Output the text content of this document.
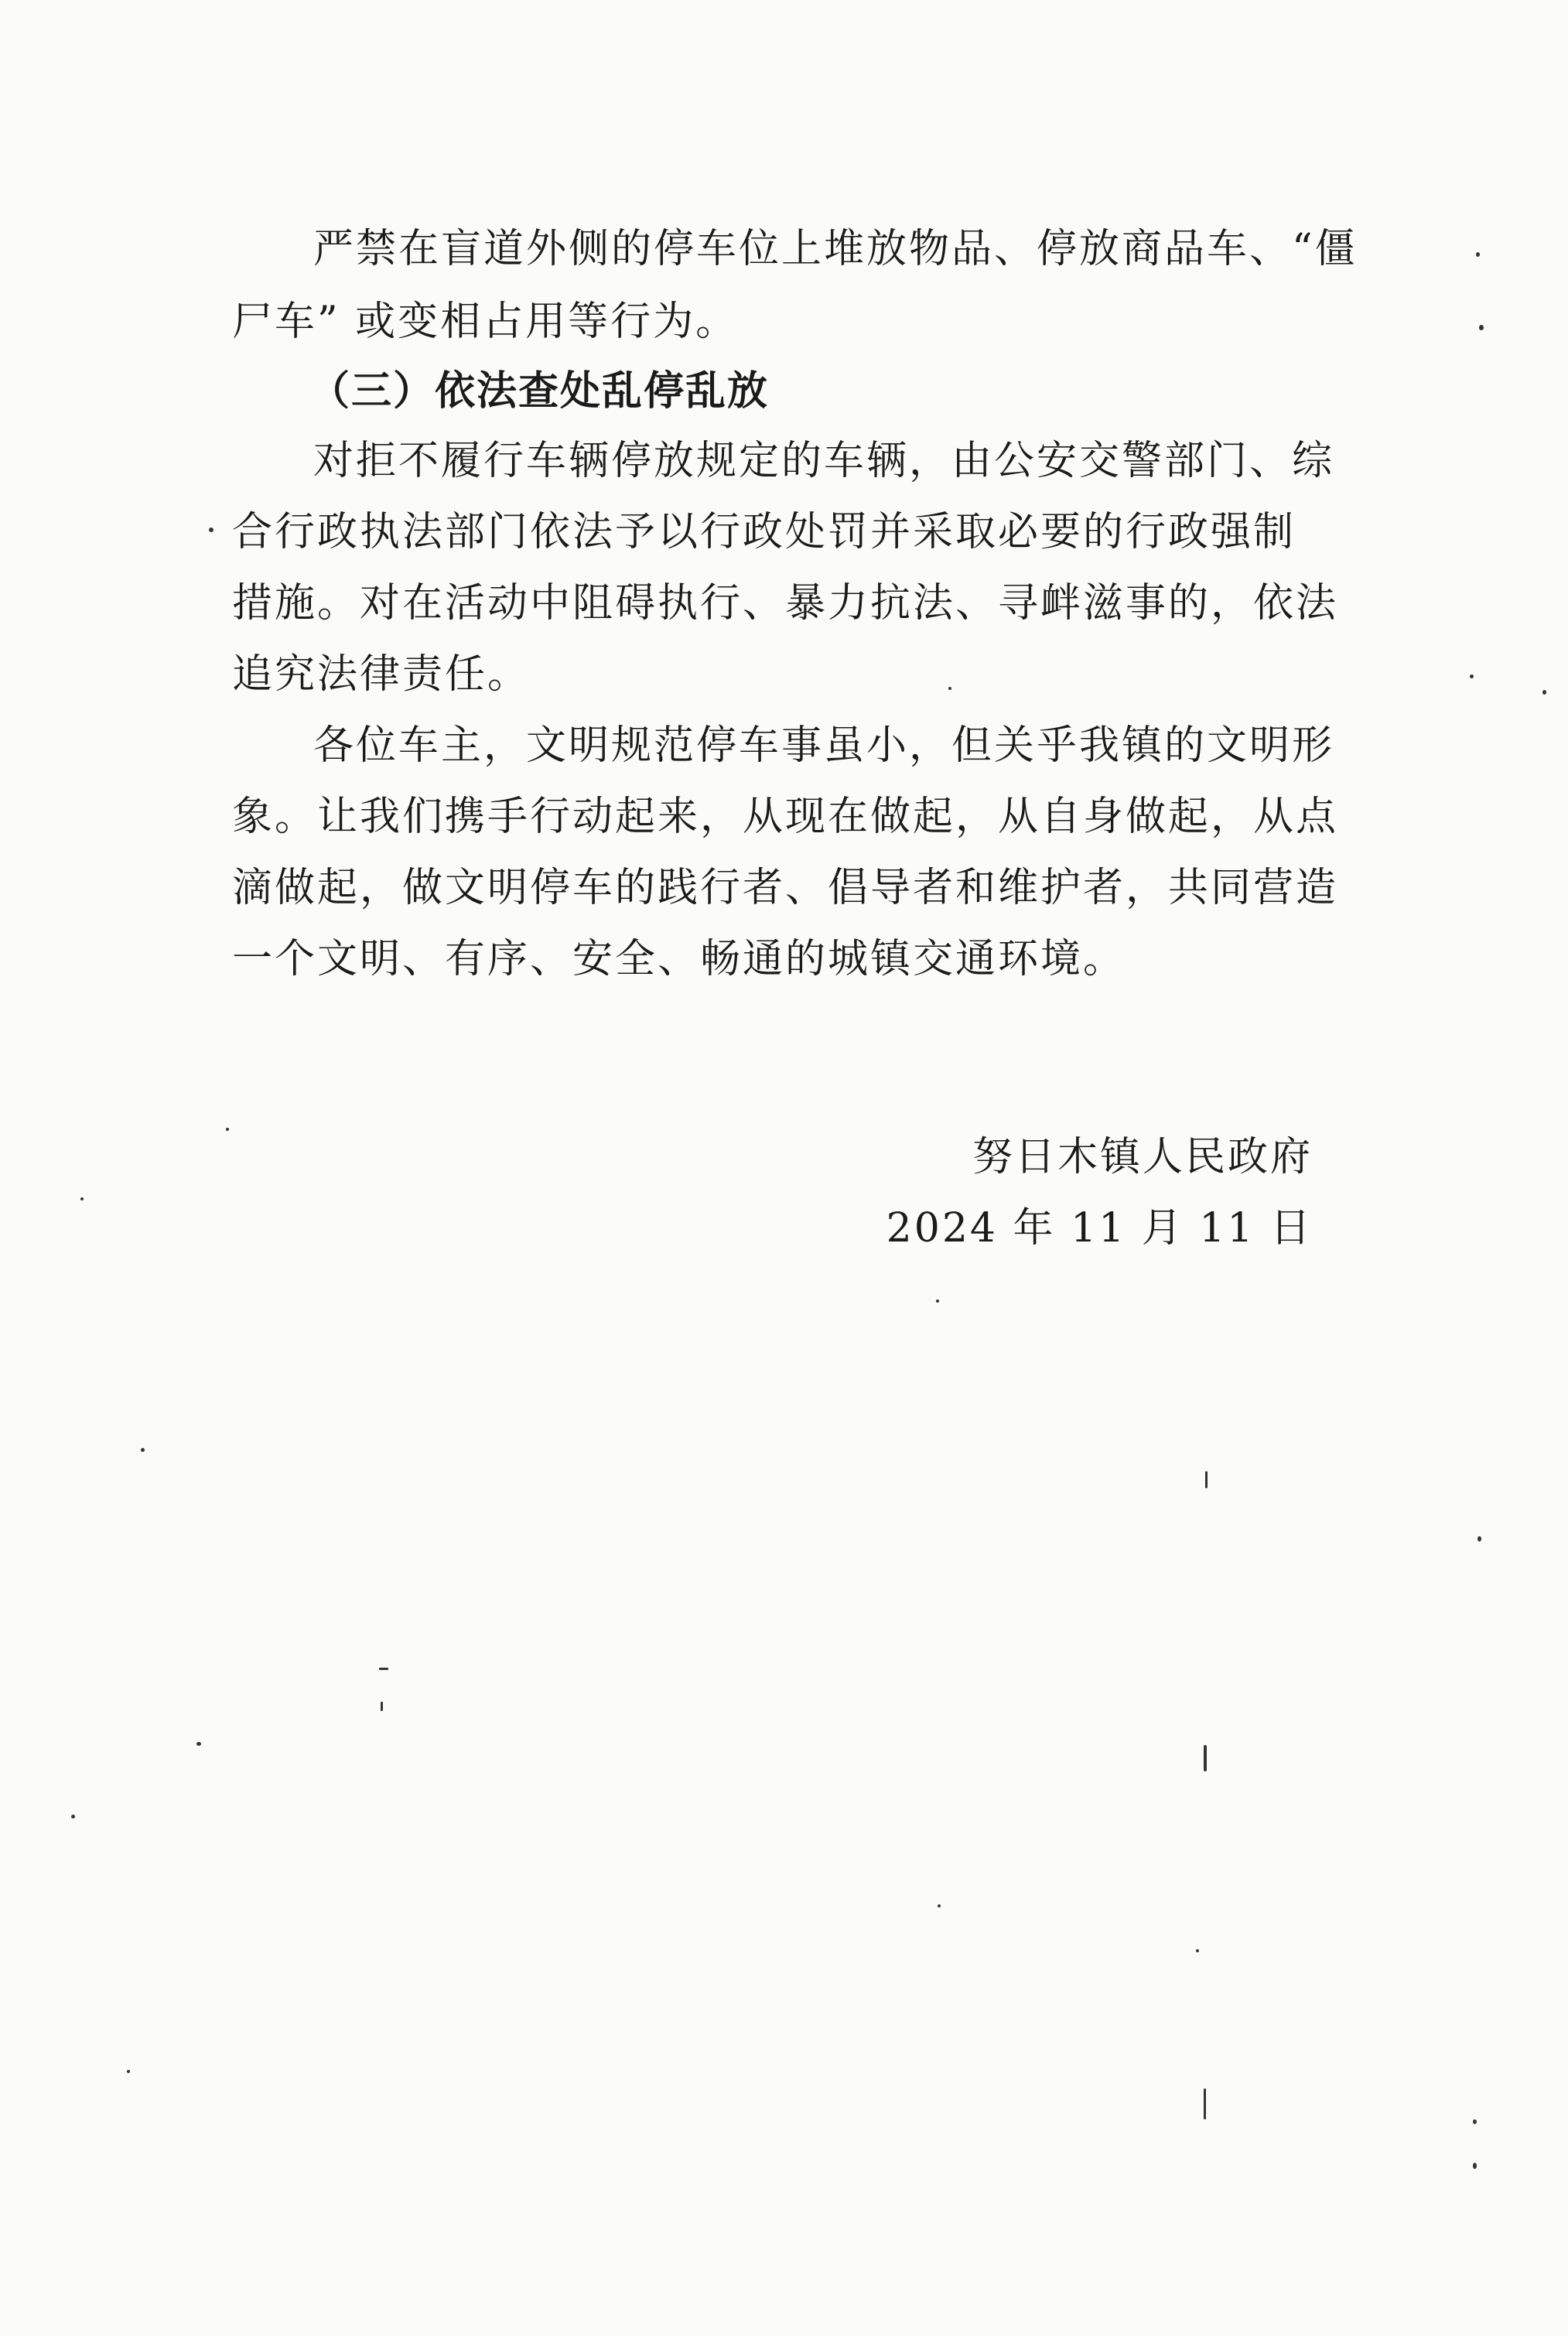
严禁在盲道外侧的停车位上堆放物品、停放商品车、“僵
尸车” 或变相占用等行为。
（三）依法查处乱停乱放
对拒不履行车辆停放规定的车辆，由公安交警部门、综
合行政执法部门依法予以行政处罚并采取必要的行政强制
措施。对在活动中阻碍执行、暴力抗法、寻衅滋事的，依法
追究法律责任。
各位车主，文明规范停车事虽小，但关乎我镇的文明形
象。让我们携手行动起来，从现在做起，从自身做起，从点
滴做起，做文明停车的践行者、倡导者和维护者，共同营造
一个文明、有序、安全、畅通的城镇交通环境。
努日木镇人民政府
2024 年 11 月 11 日
